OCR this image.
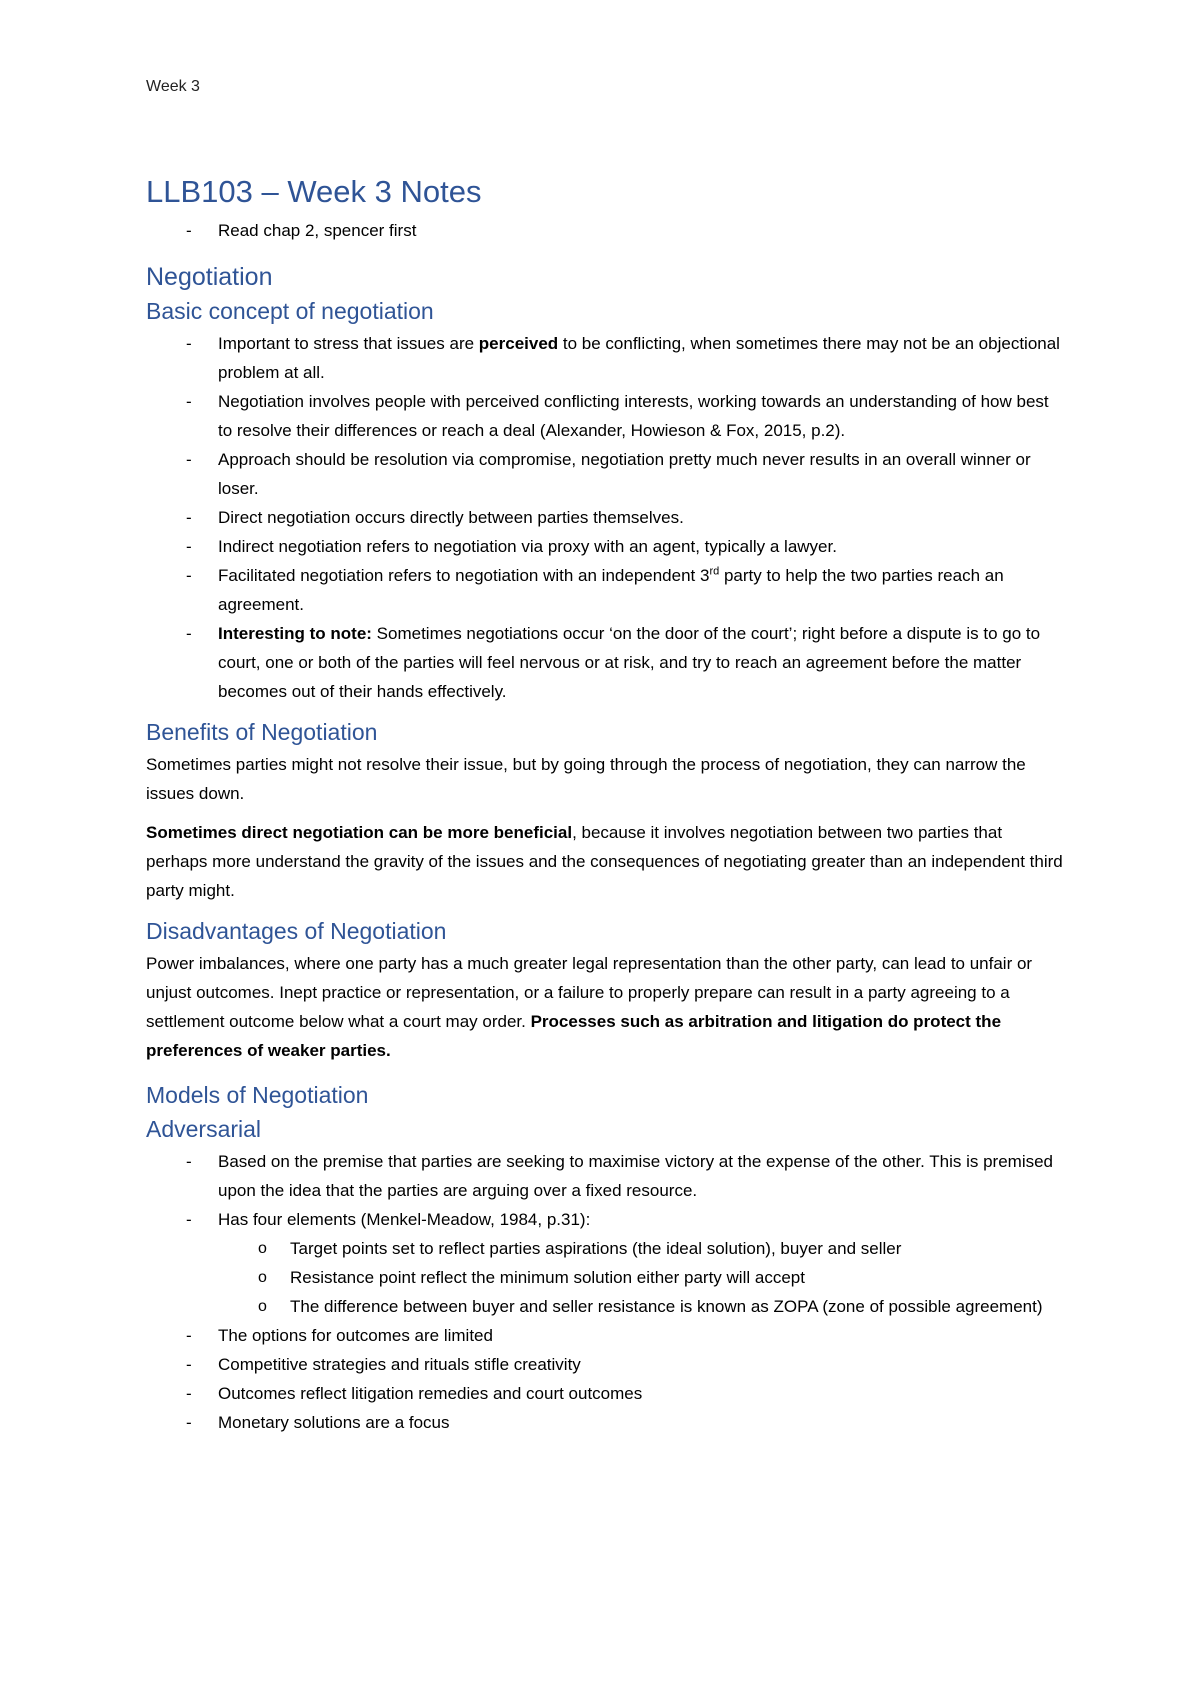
Week 3
LLB103 – Week 3 Notes
- Read chap 2, spencer first
Negotiation
Basic concept of negotiation
- Important to stress that issues are perceived to be conflicting, when sometimes there may not be an objectional problem at all.
- Negotiation involves people with perceived conflicting interests, working towards an understanding of how best to resolve their differences or reach a deal (Alexander, Howieson & Fox, 2015, p.2).
- Approach should be resolution via compromise, negotiation pretty much never results in an overall winner or loser.
- Direct negotiation occurs directly between parties themselves.
- Indirect negotiation refers to negotiation via proxy with an agent, typically a lawyer.
- Facilitated negotiation refers to negotiation with an independent 3rd party to help the two parties reach an agreement.
- Interesting to note: Sometimes negotiations occur ‘on the door of the court’; right before a dispute is to go to court, one or both of the parties will feel nervous or at risk, and try to reach an agreement before the matter becomes out of their hands effectively.
Benefits of Negotiation

Sometimes parties might not resolve their issue, but by going through the process of negotiation, they can narrow the issues down.

Sometimes direct negotiation can be more beneficial, because it involves negotiation between two parties that perhaps more understand the gravity of the issues and the consequences of negotiating greater than an independent third party might.

Disadvantages of Negotiation

Power imbalances, where one party has a much greater legal representation than the other party, can lead to unfair or unjust outcomes. Inept practice or representation, or a failure to properly prepare can result in a party agreeing to a settlement outcome below what a court may order. Processes such as arbitration and litigation do protect the preferences of weaker parties.

Models of Negotiation
Adversarial
- Based on the premise that parties are seeking to maximise victory at the expense of the other. This is premised upon the idea that the parties are arguing over a fixed resource.
- Has four elements (Menkel-Meadow, 1984, p.31):
o Target points set to reflect parties aspirations (the ideal solution), buyer and seller
o Resistance point reflect the minimum solution either party will accept
o The difference between buyer and seller resistance is known as ZOPA (zone of possible agreement)
- The options for outcomes are limited
- Competitive strategies and rituals stifle creativity
- Outcomes reflect litigation remedies and court outcomes
- Monetary solutions are a focus
